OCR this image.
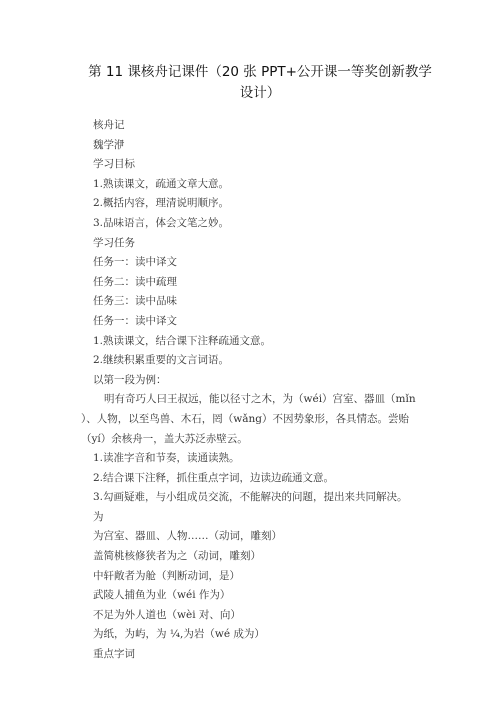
第 11 课核舟记课件（20 张 PPT+公开课一等奖创新教学
设计）

核舟记

魏学洢

学习目标

1.熟读课文，疏通文章大意。

2.概括内容，理清说明顺序。

3.品味语言，体会文笔之妙。

学习任务

任务一：读中译文

任务二：读中疏理

任务三：读中品味

任务一：读中译文

1.熟读课文，结合课下注释疏通文意。

2.继续积累重要的文言词语。

以第一段为例：

明有奇巧人曰王叔远，能以径寸之木，为（wéi）宫室、器皿（mǐn

）、人物，以至鸟兽、木石，罔（wǎng）不因势象形，各具情态。尝贻

（yí）余核舟一，盖大苏泛赤壁云。

1.读准字音和节奏，读通读熟。

2.结合课下注释，抓住重点字词，边读边疏通文意。

3.勾画疑难，与小组成员交流，不能解决的问题，提出来共同解决。

为

为宫室、器皿、人物……（动词，雕刻）

盖简桃核修狭者为之（动词，雕刻）

中轩敞者为舱（判断动词，是）

武陵人捕鱼为业（wéi 作为）

不足为外人道也（wèi 对、向）

为纸，为屿，为 ¼,为岩（wé 成为）

重点字词
